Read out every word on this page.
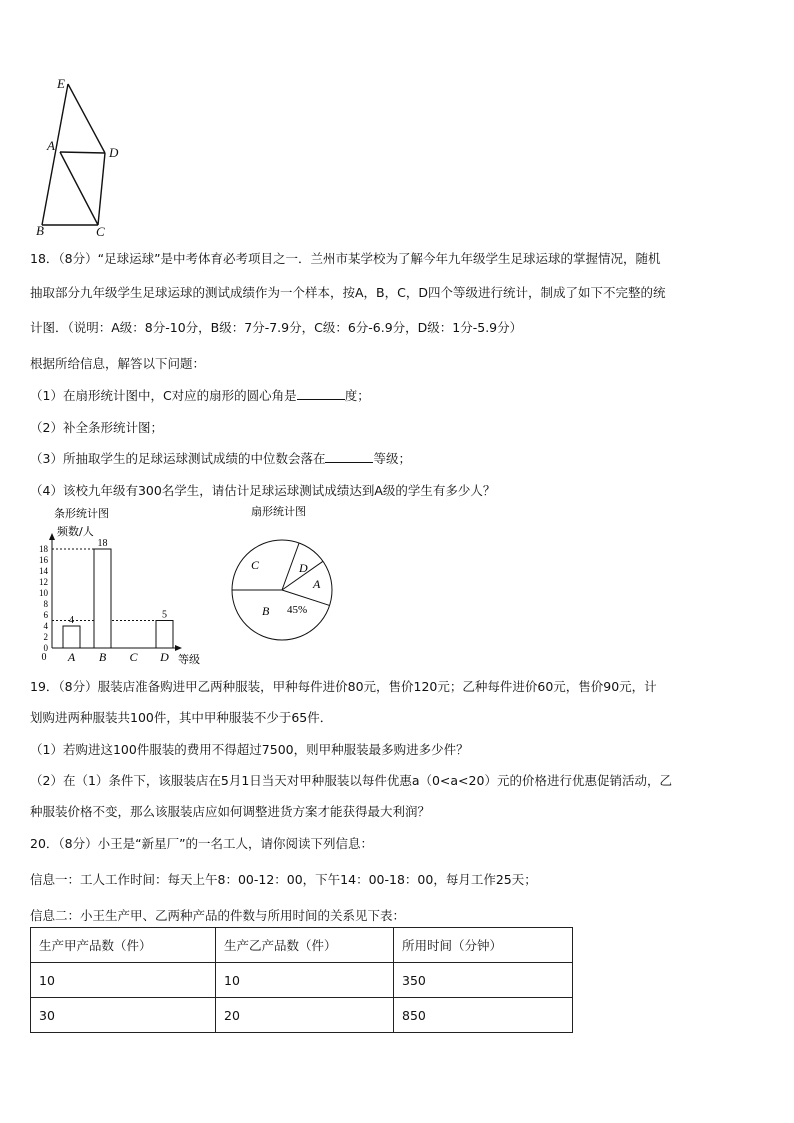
E
A	D
B	C
18．（8分）“足球运球”是中考体育必考项目之一．兰州市某学校为了解今年九年级学生足球运球的掌握情况，随机
抽取部分九年级学生足球运球的测试成绩作为一个样本，按A，B，C，D四个等级进行统计，制成了如下不完整的统
计图．（说明：A级：8分-10分，B级：7分-7.9分，C级：6分-6.9分，D级：1分-5.9分）
根据所给信息，解答以下问题：
（1）在扇形统计图中，C对应的扇形的圆心角是	度；
（2）补全条形统计图；
（3）所抽取学生的足球运球测试成绩的中位数会落在	等级；
（4）该校九年级有300名学生，请估计足球运球测试成绩达到A级的学生有多少人？
条形统计图
频数/人
等级
0
2
4
6
8
10
12
14
16
18
4
A
18
B C
5
D
0
扇形统计图
B 45%
C	D
A
19．（8分）服装店准备购进甲乙两种服装，甲种每件进价80元，售价120元；乙种每件进价60元，售价90元，计
划购进两种服装共100件，其中甲种服装不少于65件．
（1）若购进这100件服装的费用不得超过7500，则甲种服装最多购进多少件？
（2）在（1）条件下，该服装店在5月1日当天对甲种服装以每件优惠a（0<a<20）元的价格进行优惠促销活动，乙
种服装价格不变，那么该服装店应如何调整进货方案才能获得最大利润？
20．（8分）小王是“新星厂”的一名工人，请你阅读下列信息：
信息一：工人工作时间：每天上午8：00-12：00，下午14：00-18：00，每月工作25天；
信息二：小王生产甲、乙两种产品的件数与所用时间的关系见下表：
生产甲产品数（件）	生产乙产品数（件）	所用时间（分钟）
10	10	350
30	20	850
